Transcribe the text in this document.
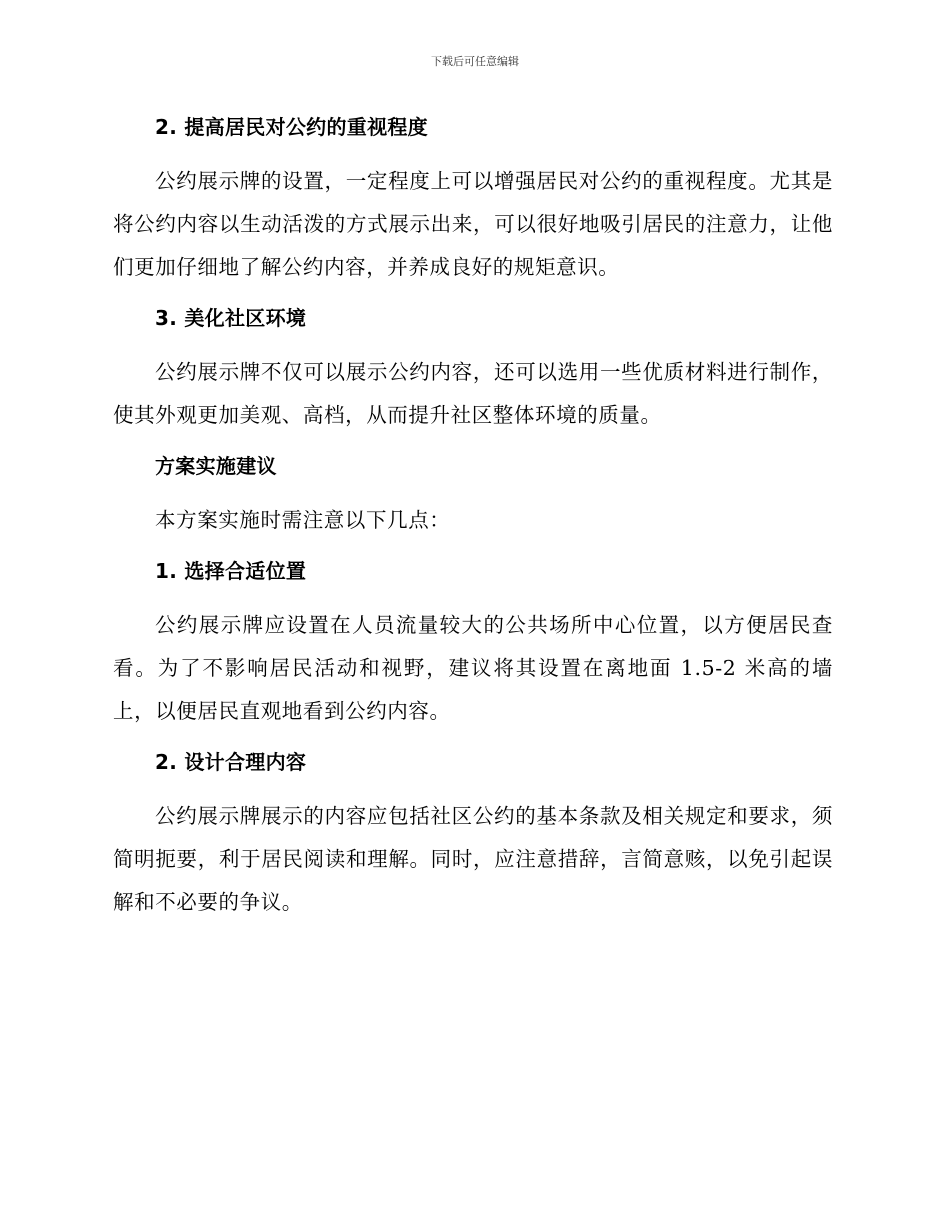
下载后可任意编辑
2. 提高居民对公约的重视程度
公约展示牌的设置，一定程度上可以增强居民对公约的重视程度。尤其是将公约内容以生动活泼的方式展示出来，可以很好地吸引居民的注意力，让他们更加仔细地了解公约内容，并养成良好的规矩意识。
3. 美化社区环境
公约展示牌不仅可以展示公约内容，还可以选用一些优质材料进行制作，使其外观更加美观、高档，从而提升社区整体环境的质量。
方案实施建议
本方案实施时需注意以下几点：
1. 选择合适位置
公约展示牌应设置在人员流量较大的公共场所中心位置，以方便居民查看。为了不影响居民活动和视野，建议将其设置在离地面 1.5-2 米高的墙上，以便居民直观地看到公约内容。
2. 设计合理内容
公约展示牌展示的内容应包括社区公约的基本条款及相关规定和要求，须简明扼要，利于居民阅读和理解。同时，应注意措辞，言简意赅，以免引起误解和不必要的争议。
